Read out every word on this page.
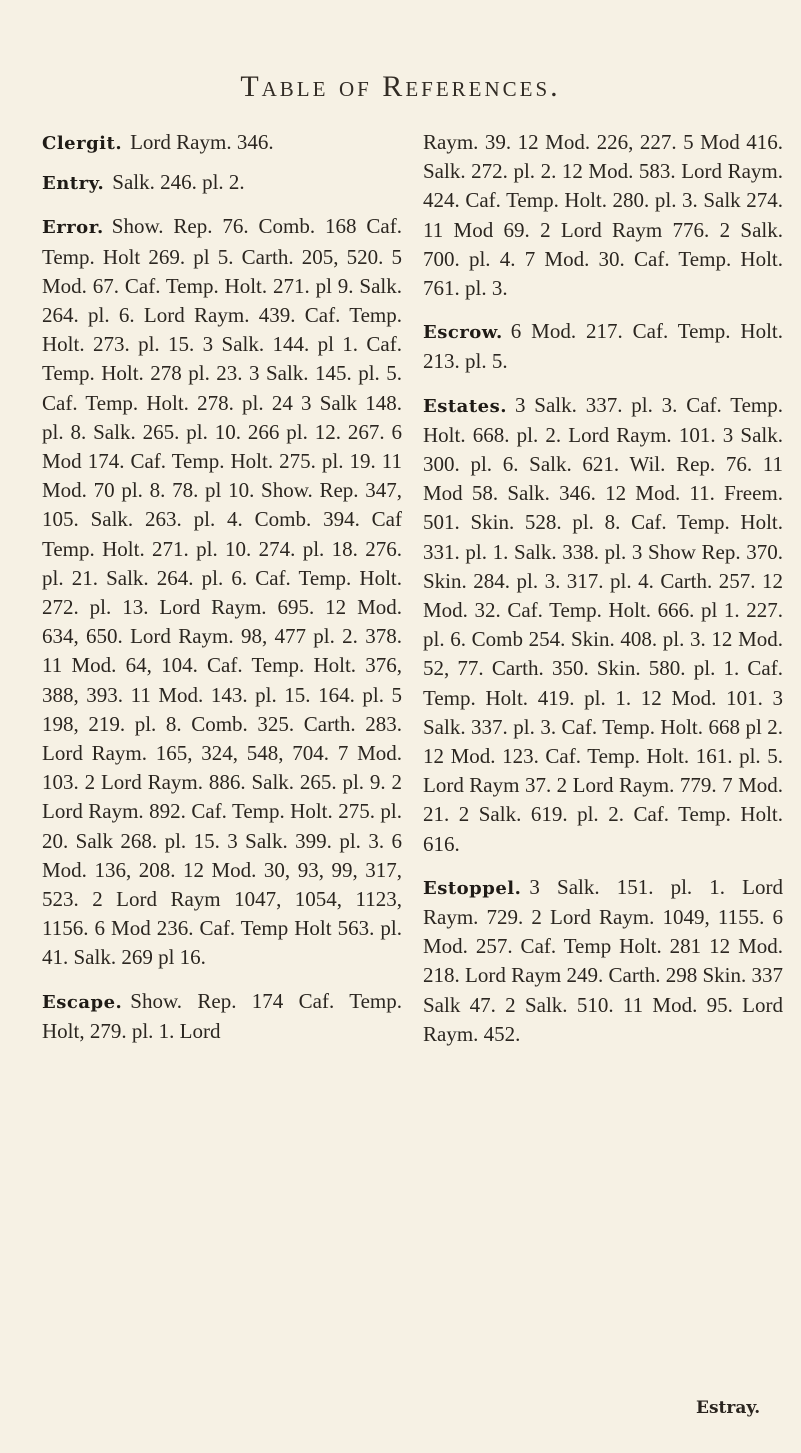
Table of References.

Clergit. Lord Raym. 346.

Entry. Salk. 246. pl. 2.

Error. Show. Rep. 76. Comb. 168 Caf. Temp. Holt 269. pl 5. Carth. 205, 520. 5 Mod. 67. Caf. Temp. Holt. 271. pl 9. Salk. 264. pl. 6. Lord Raym. 439. Caf. Temp. Holt. 273. pl. 15. 3 Salk. 144. pl 1. Caf. Temp. Holt. 278 pl. 23. 3 Salk. 145. pl. 5. Caf. Temp. Holt. 278. pl. 24 3 Salk 148. pl. 8. Salk. 265. pl. 10. 266 pl. 12. 267. 6 Mod 174. Caf. Temp. Holt. 275. pl. 19. 11 Mod. 70 pl. 8. 78. pl 10. Show. Rep. 347, 105. Salk. 263. pl. 4. Comb. 394. Caf Temp. Holt. 271. pl. 10. 274. pl. 18. 276. pl. 21. Salk. 264. pl. 6. Caf. Temp. Holt. 272. pl. 13. Lord Raym. 695. 12 Mod. 634, 650. Lord Raym. 98, 477 pl. 2. 378. 11 Mod. 64, 104. Caf. Temp. Holt. 376, 388, 393. 11 Mod. 143. pl. 15. 164. pl. 5 198, 219. pl. 8. Comb. 325. Carth. 283. Lord Raym. 165, 324, 548, 704. 7 Mod. 103. 2 Lord Raym. 886. Salk. 265. pl. 9. 2 Lord Raym. 892. Caf. Temp. Holt. 275. pl. 20. Salk 268. pl. 15. 3 Salk. 399. pl. 3. 6 Mod. 136, 208. 12 Mod. 30, 93, 99, 317, 523. 2 Lord Raym 1047, 1054, 1123, 1156. 6 Mod 236. Caf. Temp Holt 563. pl. 41. Salk. 269 pl 16.

Escape. Show. Rep. 174 Caf. Temp. Holt, 279. pl. 1. Lord

Raym. 39. 12 Mod. 226, 227. 5 Mod 416. Salk. 272. pl. 2. 12 Mod. 583. Lord Raym. 424. Caf. Temp. Holt. 280. pl. 3. Salk 274. 11 Mod 69. 2 Lord Raym 776. 2 Salk. 700. pl. 4. 7 Mod. 30. Caf. Temp. Holt. 761. pl. 3.

Escrow. 6 Mod. 217. Caf. Temp. Holt. 213. pl. 5.

Estates. 3 Salk. 337. pl. 3. Caf. Temp. Holt. 668. pl. 2. Lord Raym. 101. 3 Salk. 300. pl. 6. Salk. 621. Wil. Rep. 76. 11 Mod 58. Salk. 346. 12 Mod. 11. Freem. 501. Skin. 528. pl. 8. Caf. Temp. Holt. 331. pl. 1. Salk. 338. pl. 3 Show Rep. 370. Skin. 284. pl. 3. 317. pl. 4. Carth. 257. 12 Mod. 32. Caf. Temp. Holt. 666. pl 1. 227. pl. 6. Comb 254. Skin. 408. pl. 3. 12 Mod. 52, 77. Carth. 350. Skin. 580. pl. 1. Caf. Temp. Holt. 419. pl. 1. 12 Mod. 101. 3 Salk. 337. pl. 3. Caf. Temp. Holt. 668 pl 2. 12 Mod. 123. Caf. Temp. Holt. 161. pl. 5. Lord Raym 37. 2 Lord Raym. 779. 7 Mod. 21. 2 Salk. 619. pl. 2. Caf. Temp. Holt. 616.

Estoppel. 3 Salk. 151. pl. 1. Lord Raym. 729. 2 Lord Raym. 1049, 1155. 6 Mod. 257. Caf. Temp Holt. 281 12 Mod. 218. Lord Raym 249. Carth. 298 Skin. 337 Salk 47. 2 Salk. 510. 11 Mod. 95. Lord Raym. 452.

Estray.
